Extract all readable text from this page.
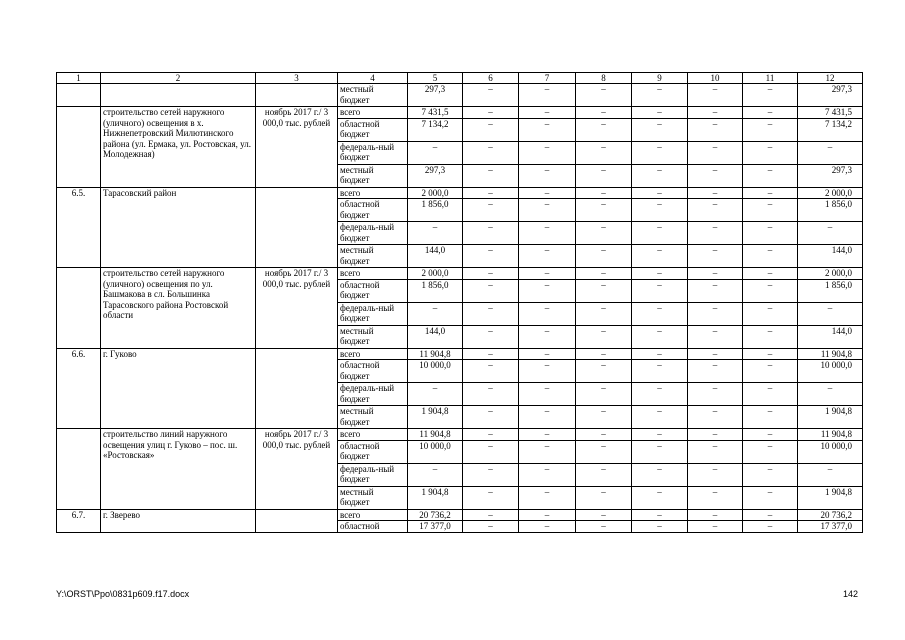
1	2	3	4	5	6	7	8	9	10	11	12
			местный бюджет	297,3	–	–	–	–	–	–	297,3
	строительство сетей наружного (уличного) освещения в х. Нижнепетровский Милютинского района (ул. Ермака, ул. Ростовская, ул. Молодежная)	ноябрь 2017 г./ 3 000,0 тыс. рублей	всего	7 431,5	–	–	–	–	–	–	7 431,5
			областной бюджет	7 134,2	–	–	–	–	–	–	7 134,2
			федераль-ный бюджет	–	–	–	–	–	–	–	–
			местный бюджет	297,3	–	–	–	–	–	–	297,3
6.5.	Тарасовский район		всего	2 000,0	–	–	–	–	–	–	2 000,0
			областной бюджет	1 856,0	–	–	–	–	–	–	1 856,0
			федераль-ный бюджет	–	–	–	–	–	–	–	–
			местный бюджет	144,0	–	–	–	–	–	–	144,0
	строительство сетей наружного (уличного) освещения по ул. Башмакова в сл. Большинка Тарасовского района Ростовской области	ноябрь 2017 г./ 3 000,0 тыс. рублей	всего	2 000,0	–	–	–	–	–	–	2 000,0
			областной бюджет	1 856,0	–	–	–	–	–	–	1 856,0
			федераль-ный бюджет	–	–	–	–	–	–	–	–
			местный бюджет	144,0	–	–	–	–	–	–	144,0
6.6.	г. Гуково		всего	11 904,8	–	–	–	–	–	–	11 904,8
			областной бюджет	10 000,0	–	–	–	–	–	–	10 000,0
			федераль-ный бюджет	–	–	–	–	–	–	–	–
			местный бюджет	1 904,8	–	–	–	–	–	–	1 904,8
	строительство линий наружного освещения улиц г. Гуково – пос. ш. «Ростовская»	ноябрь 2017 г./ 3 000,0 тыс. рублей	всего	11 904,8	–	–	–	–	–	–	11 904,8
			областной бюджет	10 000,0	–	–	–	–	–	–	10 000,0
			федераль-ный бюджет	–	–	–	–	–	–	–	–
			местный бюджет	1 904,8	–	–	–	–	–	–	1 904,8
6.7.	г. Зверево		всего	20 736,2	–	–	–	–	–	–	20 736,2
			областной	17 377,0	–	–	–	–	–	–	17 377,0
Y:\ORST\Ppo\0831p609.f17.docx	142
